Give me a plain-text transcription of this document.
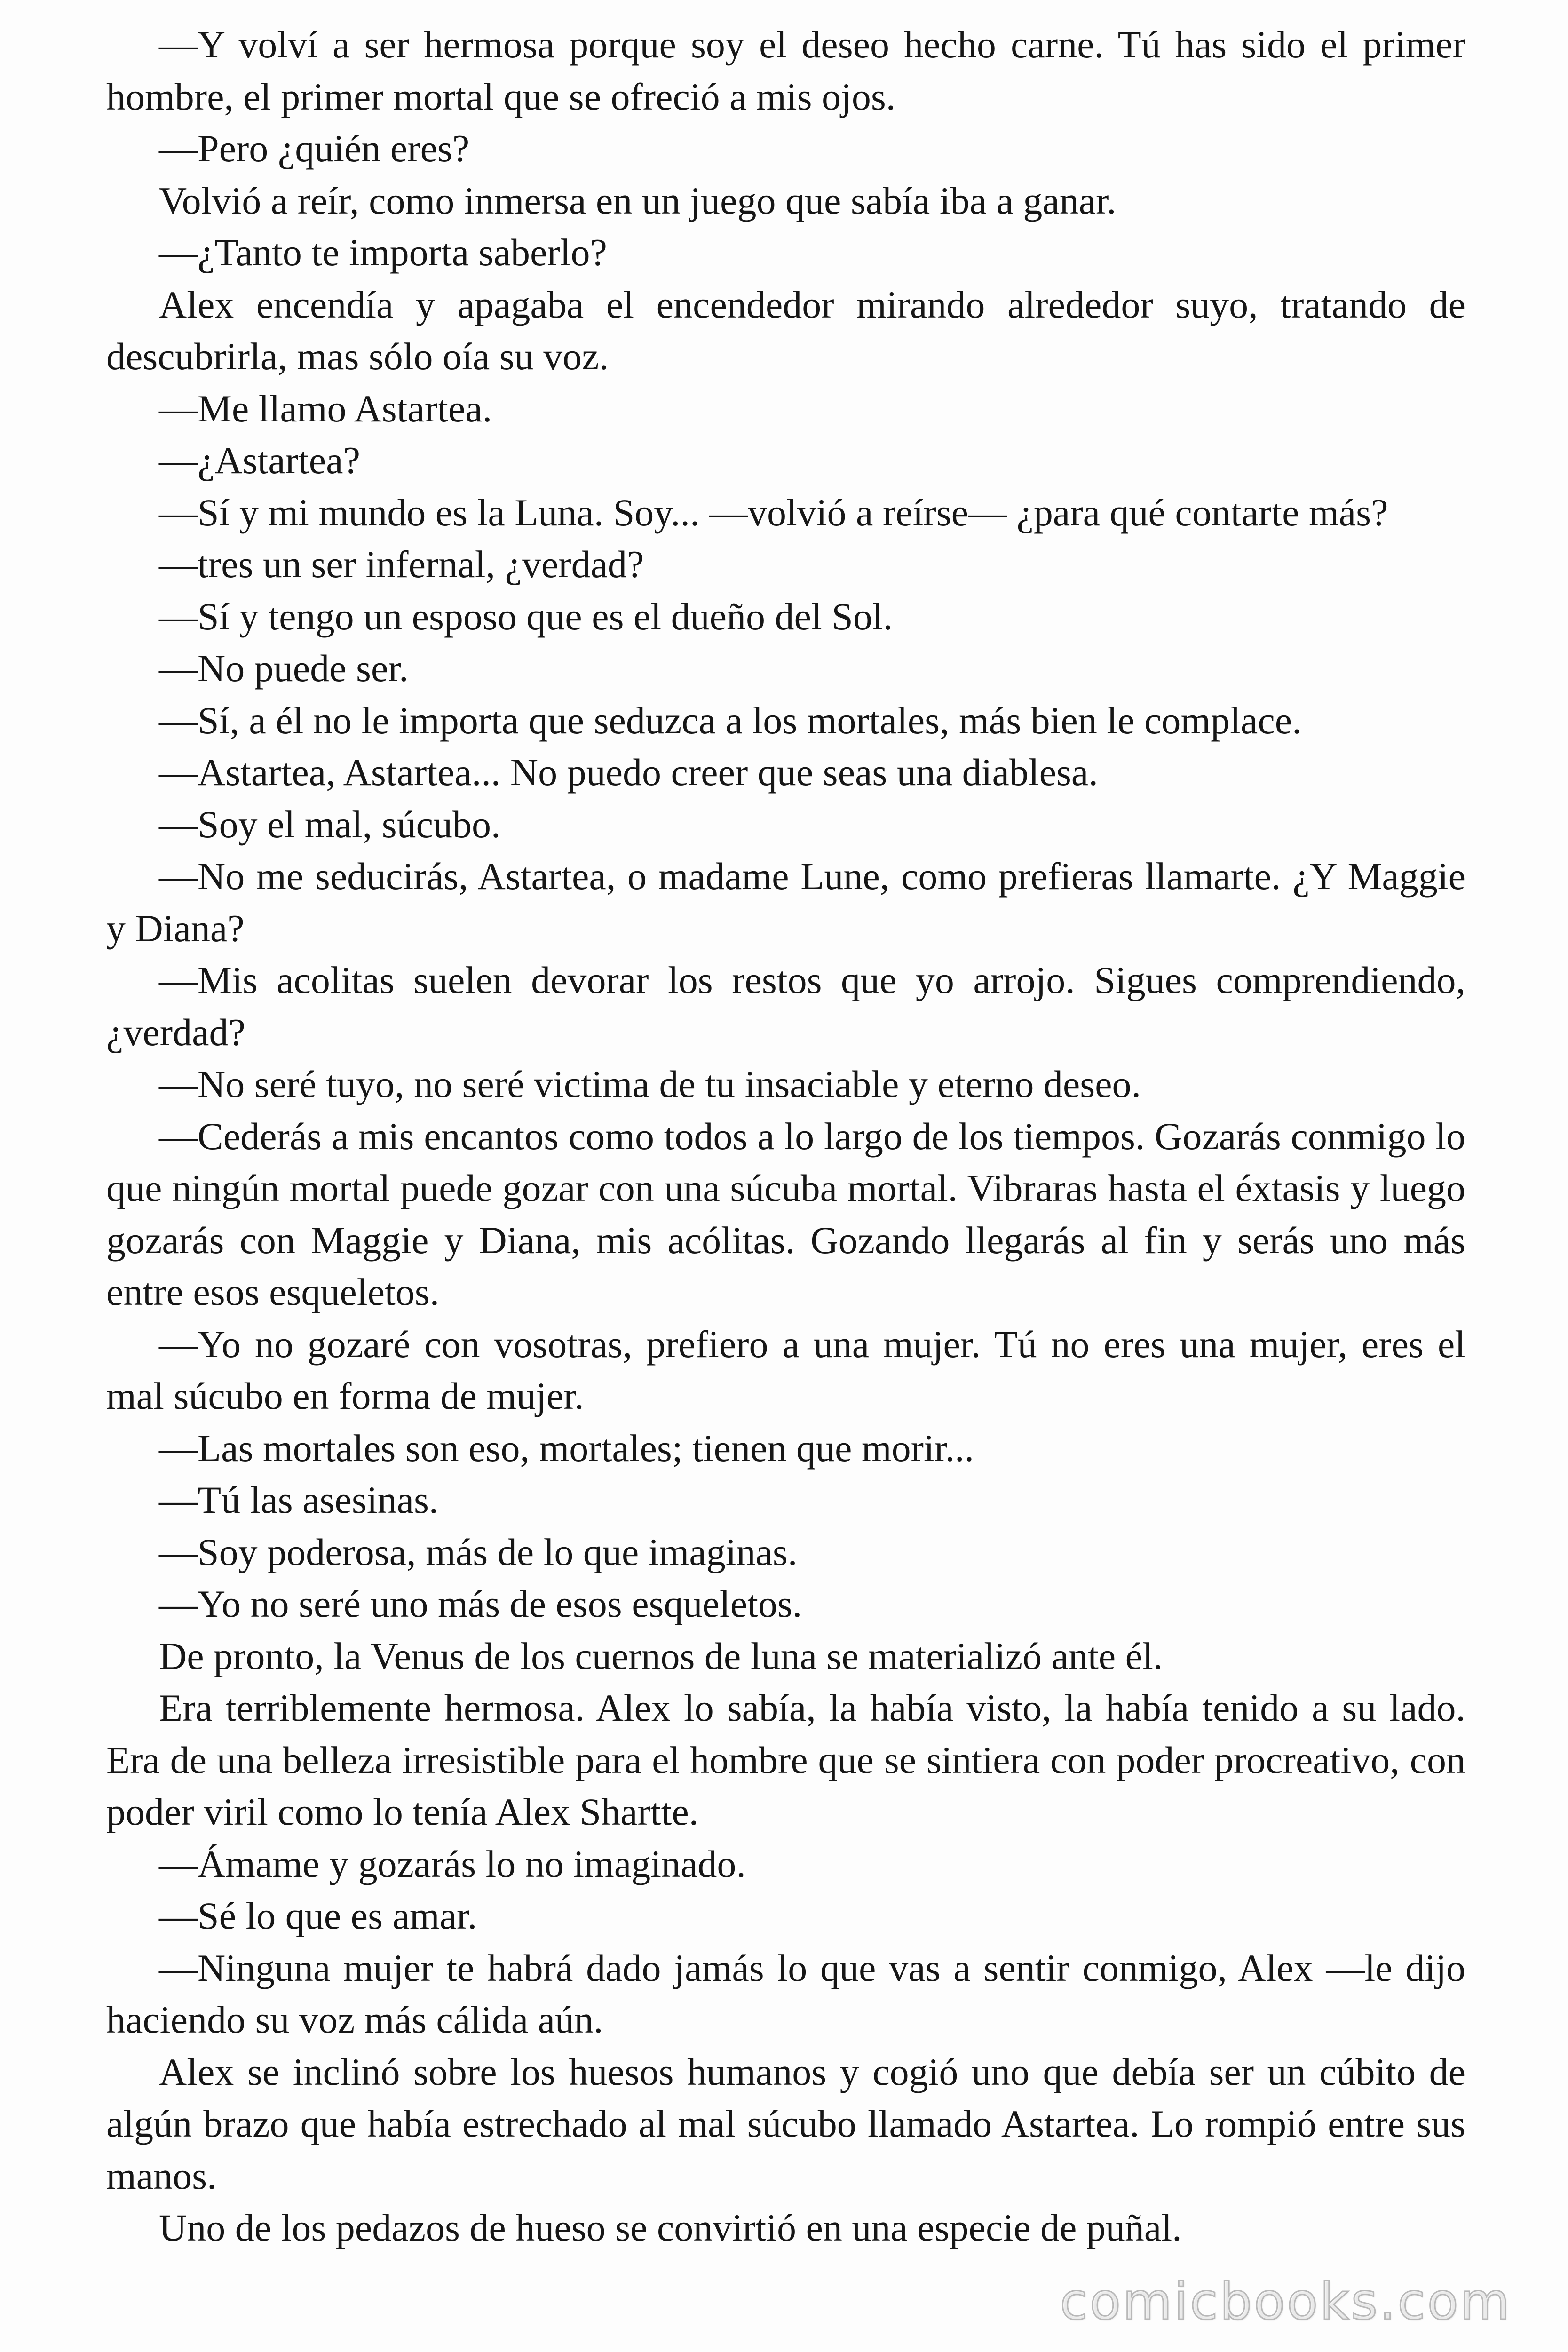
—Y volví a ser hermosa porque soy el deseo hecho carne. Tú has sido el primer hombre, el primer mortal que se ofreció a mis ojos.

—Pero ¿quién eres?

Volvió a reír, como inmersa en un juego que sabía iba a ganar.

—¿Tanto te importa saberlo?

Alex encendía y apagaba el encendedor mirando alrededor suyo, tratando de descubrirla, mas sólo oía su voz.

—Me llamo Astartea.

—¿Astartea?

—Sí y mi mundo es la Luna. Soy... —volvió a reírse— ¿para qué contarte más?

—tres un ser infernal, ¿verdad?

—Sí y tengo un esposo que es el dueño del Sol.

—No puede ser.

—Sí, a él no le importa que seduzca a los mortales, más bien le complace.

—Astartea, Astartea... No puedo creer que seas una diablesa.

—Soy el mal, súcubo.

—No me seducirás, Astartea, o madame Lune, como prefieras llamarte. ¿Y Maggie y Diana?

—Mis acolitas suelen devorar los restos que yo arrojo. Sigues comprendiendo, ¿verdad?

—No seré tuyo, no seré victima de tu insaciable y eterno deseo.

—Cederás a mis encantos como todos a lo largo de los tiempos. Gozarás conmigo lo que ningún mortal puede gozar con una súcuba mortal. Vibraras hasta el éxtasis y luego gozarás con Maggie y Diana, mis acólitas. Gozando llegarás al fin y serás uno más entre esos esqueletos.

—Yo no gozaré con vosotras, prefiero a una mujer. Tú no eres una mujer, eres el mal súcubo en forma de mujer.

—Las mortales son eso, mortales; tienen que morir...

—Tú las asesinas.

—Soy poderosa, más de lo que imaginas.

—Yo no seré uno más de esos esqueletos.

De pronto, la Venus de los cuernos de luna se materializó ante él.

Era terriblemente hermosa. Alex lo sabía, la había visto, la había tenido a su lado. Era de una belleza irresistible para el hombre que se sintiera con poder procreativo, con poder viril como lo tenía Alex Shartte.

—Ámame y gozarás lo no imaginado.

—Sé lo que es amar.

—Ninguna mujer te habrá dado jamás lo que vas a sentir conmigo, Alex —le dijo haciendo su voz más cálida aún.

Alex se inclinó sobre los huesos humanos y cogió uno que debía ser un cúbito de algún brazo que había estrechado al mal súcubo llamado Astartea. Lo rompió entre sus manos.

Uno de los pedazos de hueso se convirtió en una especie de puñal.

comicbooks.com
